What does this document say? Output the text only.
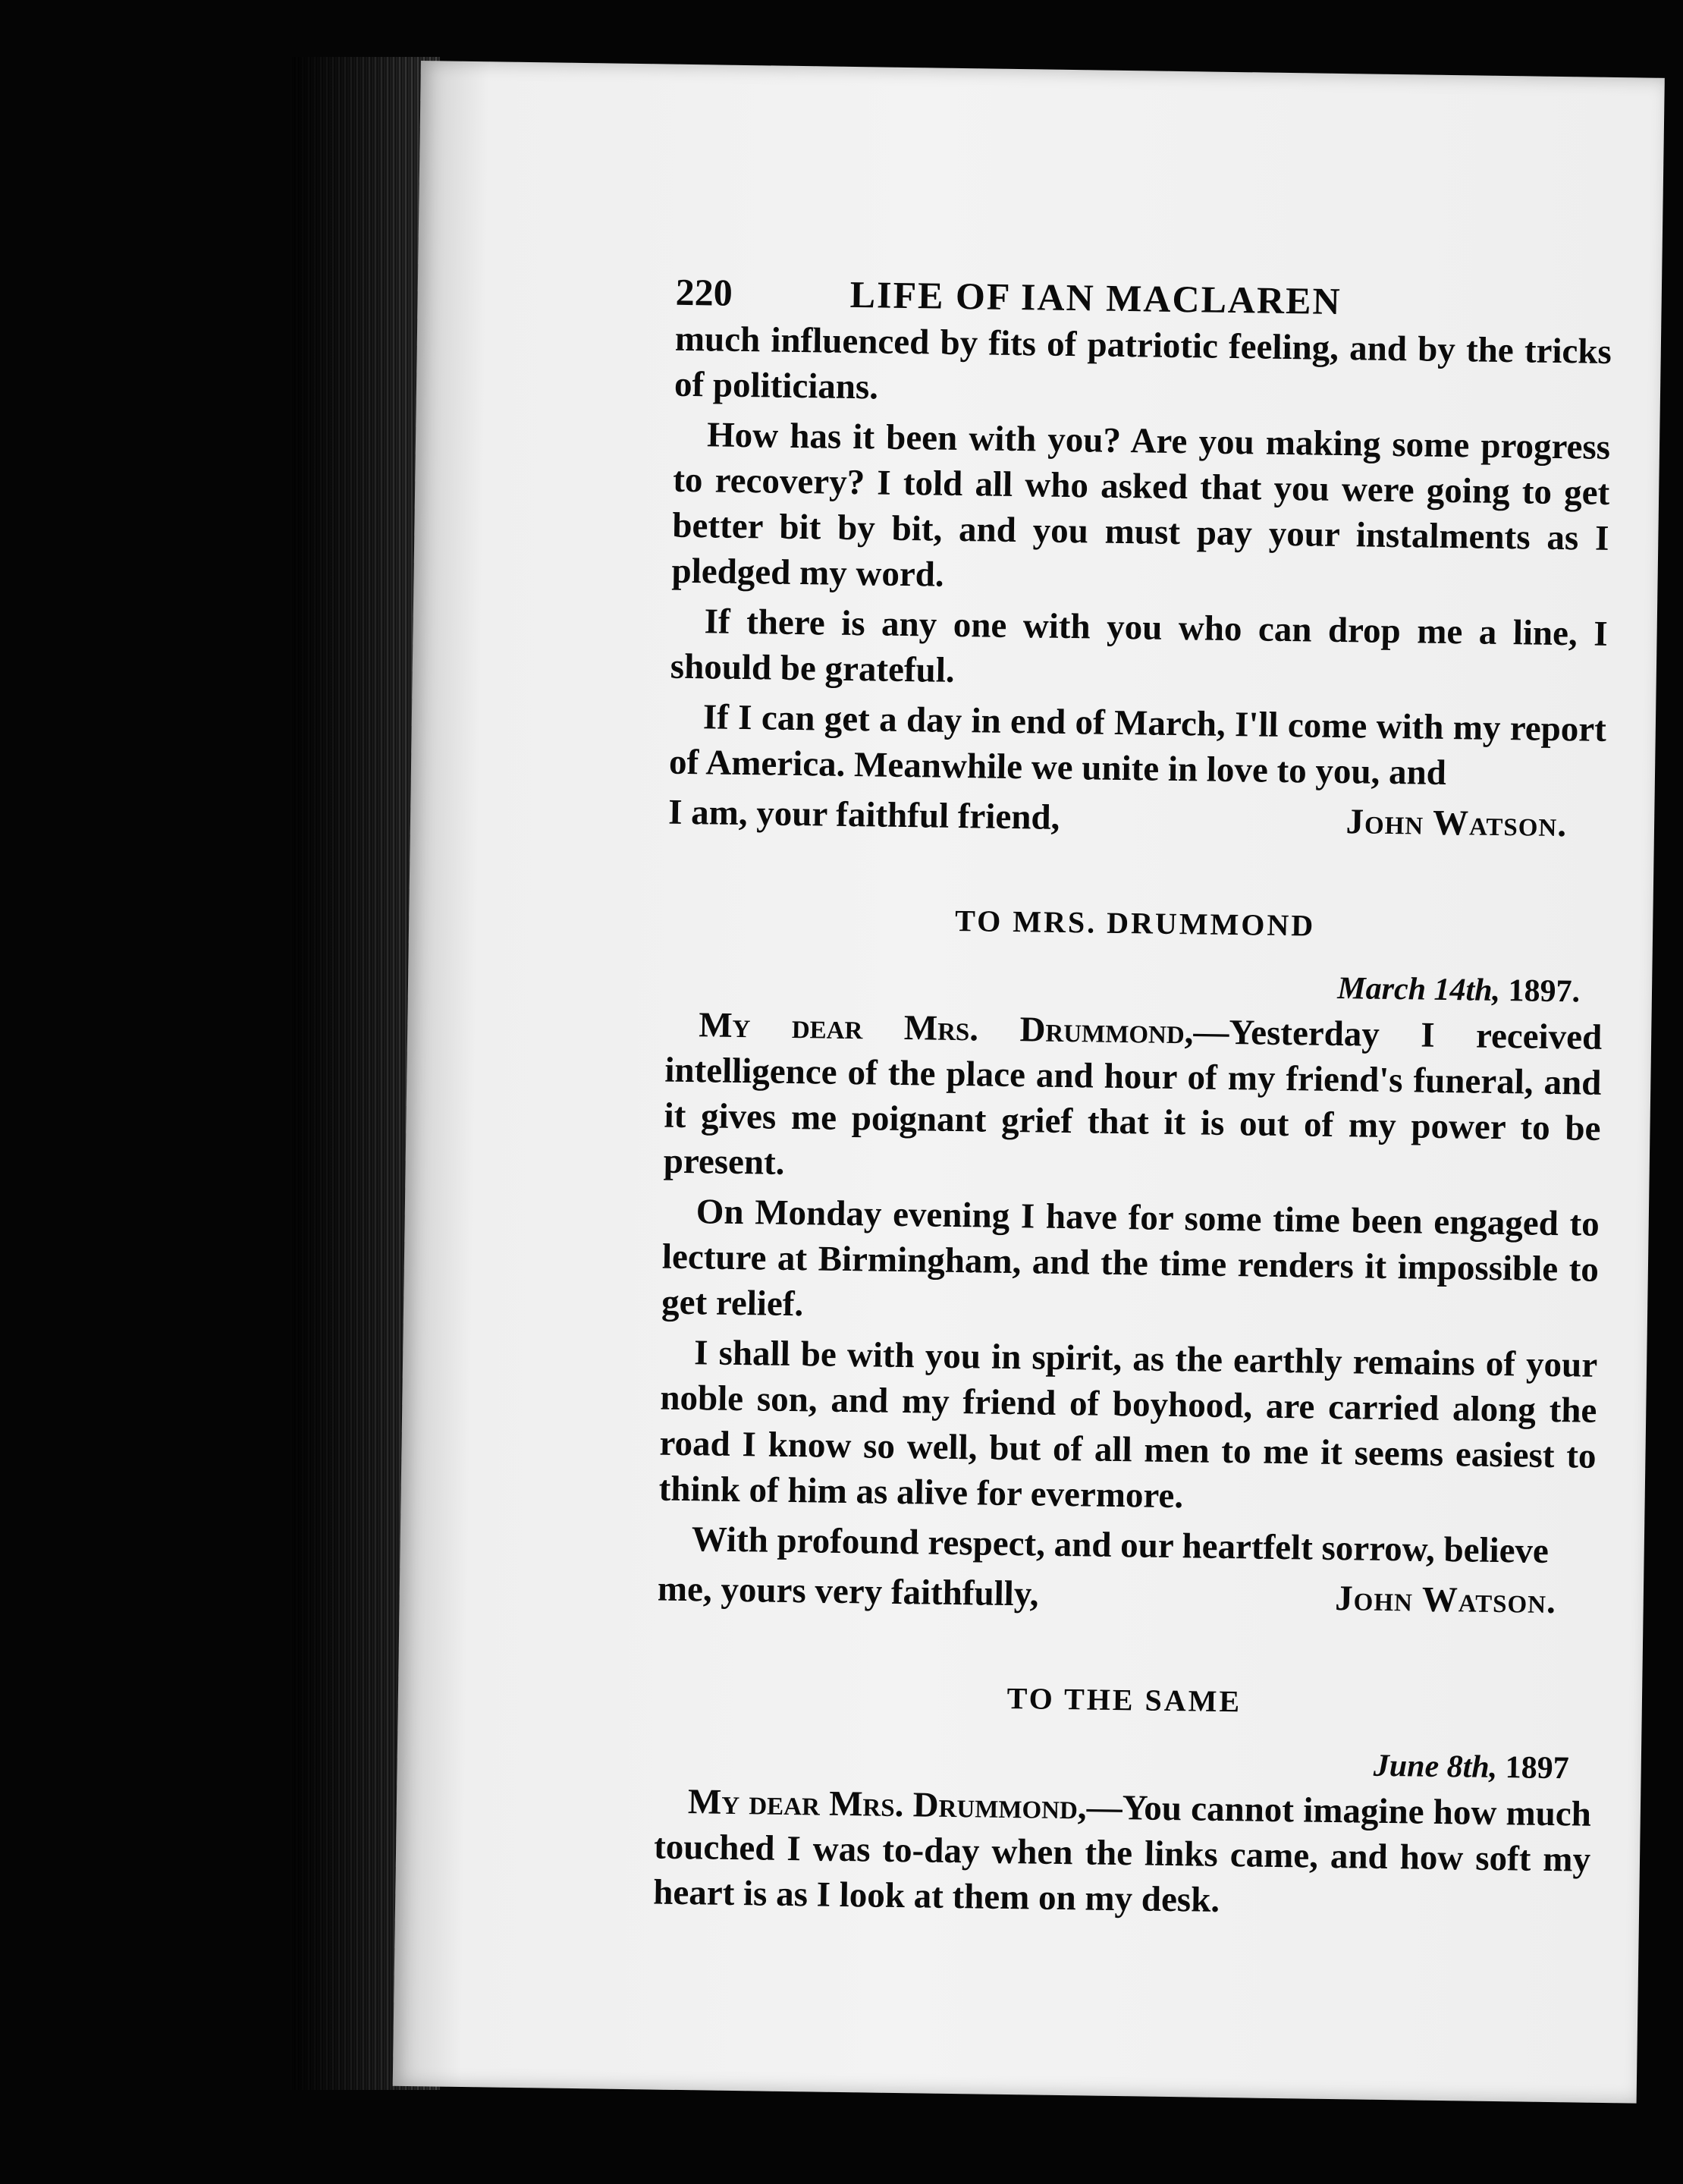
220	LIFE OF IAN MACLAREN

much influenced by fits of patriotic feeling, and by the tricks of politicians.

How has it been with you? Are you making some progress to recovery? I told all who asked that you were going to get better bit by bit, and you must pay your instalments as I pledged my word.

If there is any one with you who can drop me a line, I should be grateful.

If I can get a day in end of March, I'll come with my report of America. Meanwhile we unite in love to you, and

I am, your faithful friend,	John Watson.
TO MRS. DRUMMOND
March 14th, 1897.

My dear Mrs. Drummond,—Yesterday I received intelligence of the place and hour of my friend's funeral, and it gives me poignant grief that it is out of my power to be present.

On Monday evening I have for some time been engaged to lecture at Birmingham, and the time renders it impossible to get relief.

I shall be with you in spirit, as the earthly remains of your noble son, and my friend of boyhood, are carried along the road I know so well, but of all men to me it seems easiest to think of him as alive for evermore.

With profound respect, and our heartfelt sorrow, believe

me, yours very faithfully,	John Watson.
TO THE SAME
June 8th, 1897

My dear Mrs. Drummond,—You cannot imagine how much touched I was to-day when the links came, and how soft my heart is as I look at them on my desk.
